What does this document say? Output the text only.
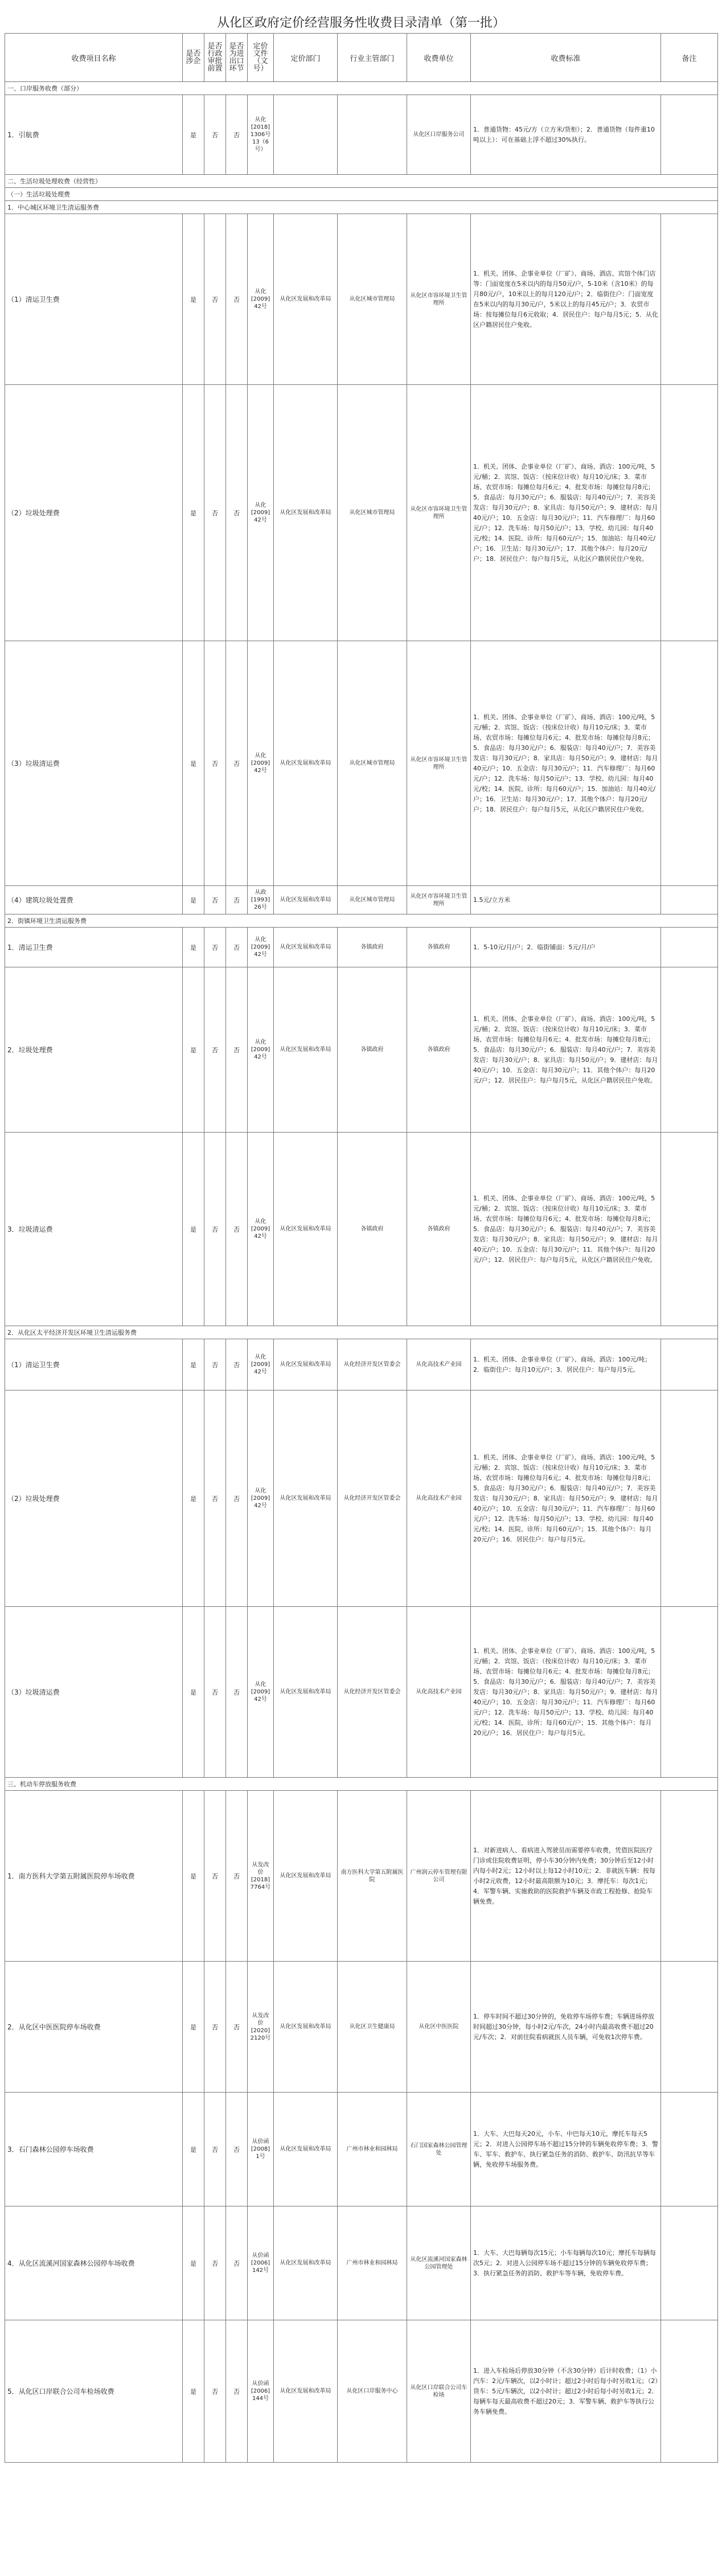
从化区政府定价经营服务性收费目录清单（第一批）
收费项目名称	是否涉企	是否行政审批前置	是否为进出口环节	定价文件（文号）	定价部门	行业主管部门	收费单位	收费标准	备注
一、口岸服务收费（部分）									
1．引航费	是	否	否	从化[2018]1306号13（6号）			从化区口岸服务公司	1．普通货物：45元/方（立方米/货柜）；2．普通货物（每件重10吨以上）：可在基础上浮不超过30%执行。	
二、生活垃圾处理收费（经营性）									
（一）生活垃圾处理费									
1．中心城区环境卫生清运服务费									
（1）清运卫生费	是	否	否	从化[2009]42号	从化区发展和改革局	从化区城市管理局	从化区市容环境卫生管理所	1．机关、团体、企事业单位（厂矿）、商场、酒店、宾馆个体门店等：门面宽度在5米以内的每月50元/户，5-10米（含10米）的每月80元/户，10米以上的每月120元/户；2．临街住户：门面宽度在5米以内的每月30元/户，5米以上的每月45元/户；3．农贸市场：按每摊位每月6元收取；4．居民住户：每户每月5元；5．从化区户籍居民住户免收。	
（2）垃圾处理费	是	否	否	从化[2009]42号	从化区发展和改革局	从化区城市管理局	从化区市容环境卫生管理所	1．机关、团体、企事业单位（厂矿）、商场、酒店：100元/吨，5元/桶；2．宾馆、饭店：（按床位计收）每月10元/床；3．菜市场、农贸市场：每摊位每月6元；4．批发市场：每摊位每月8元；5．食品店：每月30元/户；6．服装店：每月40元/户；7．美容美发店：每月30元/户；8．家具店：每月50元/户；9．建材店：每月40元/户；10．五金店：每月30元/户；11．汽车修理厂：每月60元/户；12．洗车场：每月50元/户；13．学校、幼儿园：每月40元/校；14．医院、诊所：每月60元/户；15．加油站：每月40元/户；16．卫生站：每月30元/户；17．其他个体户：每月20元/户；18．居民住户：每户每月5元，从化区户籍居民住户免收。	
（3）垃圾清运费	是	否	否	从化[2009]42号	从化区发展和改革局	从化区城市管理局	从化区市容环境卫生管理所	1．机关、团体、企事业单位（厂矿）、商场、酒店：100元/吨，5元/桶；2．宾馆、饭店：（按床位计收）每月10元/床；3．菜市场、农贸市场：每摊位每月6元；4．批发市场：每摊位每月8元；5．食品店：每月30元/户；6．服装店：每月40元/户；7．美容美发店：每月30元/户；8．家具店：每月50元/户；9．建材店：每月40元/户；10．五金店：每月30元/户；11．汽车修理厂：每月60元/户；12．洗车场：每月50元/户；13．学校、幼儿园：每月40元/校；14．医院、诊所：每月60元/户；15．加油站：每月40元/户；16．卫生站：每月30元/户；17．其他个体户：每月20元/户；18．居民住户：每户每月5元，从化区户籍居民住户免收。	
（4）建筑垃圾处置费	是	否	否	从政[1993]26号	从化区发展和改革局	从化区城市管理局	从化区市容环境卫生管理所	1.5元/立方米	
2．街镇环境卫生清运服务费									
1．清运卫生费	是	否	否	从化[2009]42号	从化区发展和改革局	各镇政府	各镇政府	1．5-10元/月/户；2．临街铺面：5元/月/户	
2．垃圾处理费	是	否	否	从化[2009]42号	从化区发展和改革局	各镇政府	各镇政府	1．机关、团体、企事业单位（厂矿）、商场、酒店：100元/吨，5元/桶；2．宾馆、饭店：（按床位计收）每月10元/床；3．菜市场、农贸市场：每摊位每月6元；4．批发市场：每摊位每月8元；5．食品店：每月30元/户；6．服装店：每月40元/户；7．美容美发店：每月30元/户；8．家具店：每月50元/户；9．建材店：每月40元/户；10．五金店：每月30元/户；11．其他个体户：每月20元/户；12．居民住户：每户每月5元，从化区户籍居民住户免收。	
3．垃圾清运费	是	否	否	从化[2009]42号	从化区发展和改革局	各镇政府	各镇政府	1．机关、团体、企事业单位（厂矿）、商场、酒店：100元/吨，5元/桶；2．宾馆、饭店：（按床位计收）每月10元/床；3．菜市场、农贸市场：每摊位每月6元；4．批发市场：每摊位每月8元；5．食品店：每月30元/户；6．服装店：每月40元/户；7．美容美发店：每月30元/户；8．家具店：每月50元/户；9．建材店：每月40元/户；10．五金店：每月30元/户；11．其他个体户：每月20元/户；12．居民住户：每户每月5元，从化区户籍居民住户免收。	
2．从化区太平经济开发区环境卫生清运服务费									
（1）清运卫生费	是	否	否	从化[2009]42号	从化区发展和改革局	从化经济开发区管委会	从化高技术产业园	1．机关、团体、企事业单位（厂矿）、商场、酒店：100元/吨；2．临街住户：每月10元/户；3．居民住户：每户每月5元。	
（2）垃圾处理费	是	否	否	从化[2009]42号	从化区发展和改革局	从化经济开发区管委会	从化高技术产业园	1．机关、团体、企事业单位（厂矿）、商场、酒店：100元/吨，5元/桶；2．宾馆、饭店：（按床位计收）每月10元/床；3．菜市场、农贸市场：每摊位每月6元；4．批发市场：每摊位每月8元；5．食品店：每月30元/户；6．服装店：每月40元/户；7．美容美发店：每月30元/户；8．家具店：每月50元/户；9．建材店：每月40元/户；10．五金店：每月30元/户；11．汽车修理厂：每月60元/户；12．洗车场：每月50元/户；13．学校、幼儿园：每月40元/校；14．医院、诊所：每月60元/户；15．其他个体户：每月20元/户；16．居民住户：每户每月5元。	
（3）垃圾清运费	是	否	否	从化[2009]42号	从化区发展和改革局	从化经济开发区管委会	从化高技术产业园	1．机关、团体、企事业单位（厂矿）、商场、酒店：100元/吨，5元/桶；2．宾馆、饭店：（按床位计收）每月10元/床；3．菜市场、农贸市场：每摊位每月6元；4．批发市场：每摊位每月8元；5．食品店：每月30元/户；6．服装店：每月40元/户；7．美容美发店：每月30元/户；8．家具店：每月50元/户；9．建材店：每月40元/户；10．五金店：每月30元/户；11．汽车修理厂：每月60元/户；12．洗车场：每月50元/户；13．学校、幼儿园：每月40元/校；14．医院、诊所：每月60元/户；15．其他个体户：每月20元/户；16．居民住户：每户每月5元。	
三、机动车停放服务收费									
1．南方医科大学第五附属医院停车场收费	是	否	否	从发改价[2018]7764号	从化区发展和改革局	南方医科大学第五附属医院	广州润云停车管理有限公司	1．对新进病人、看病进入驾驶员而需要停车收费，凭借医院医疗门诊或住院收费证明，停小车30分钟内免费；30分钟后至12小时内每小时2元；12小时以上每12小时10元；2．非就医车辆：按每小时2元收费，12小时最高限额为10元；3．摩托车：每次1元；4．军警车辆、实施救助的医院救护车辆及市政工程抢修、抢险车辆免费。	
2．从化区中医医院停车场收费	是	否	否	从发改价[2020]2120号	从化区发展和改革局	从化区卫生健康局	从化区中医医院	1．停车时间不超过30分钟的，免收停车场停车费；车辆进场停放时间超过30分钟，每小时2元/车次，24小时内最高收费不超过20元/车次；2．对前往院看病就医人员车辆，可免收1次停车费。	
3．石门森林公园停车场收费	是	否	否	从价函[2008]1号	从化区发展和改革局	广州市林业和园林局	石门国家森林公园管理处	1．大车、大巴每天20元，小车、中巴每天10元，摩托车每天5元；2．对进入公园停车场不超过15分钟的车辆免收停车费；3．警车、军车、救护车、执行紧急任务的消防、救护车、防汛抗旱等车辆，免收停车场服务费。	
4．从化区流溪河国家森林公园停车场收费	是	否	否	从价函[2006]142号	从化区发展和改革局	广州市林业和园林局	从化区流溪河国家森林公园管理处	1．大车、大巴每辆每次15元；小车每辆每次10元；摩托车每辆每次5元；2．对进入公园停车场不超过15分钟的车辆免收停车费；3．执行紧急任务的消防、救护车等车辆，免收停车费。	
5．从化区口岸联合公司车检场收费	是	否	否	从价函[2006]144号	从化区发展和改革局	从化区口岸服务中心	从化区口岸联合公司车检场	1．进入车检场后停放30分钟（不含30分钟）后计时收费；（1）小汽车：2元/车辆次，以2小时计；超过2小时后每小时另收1元；（2）货车：5元/车辆次，以2小时计；超过2小时后每小时另收1元；2．每辆车每天最高收费不超过20元；3．军警车辆、救护车等执行公务车辆免费。	
